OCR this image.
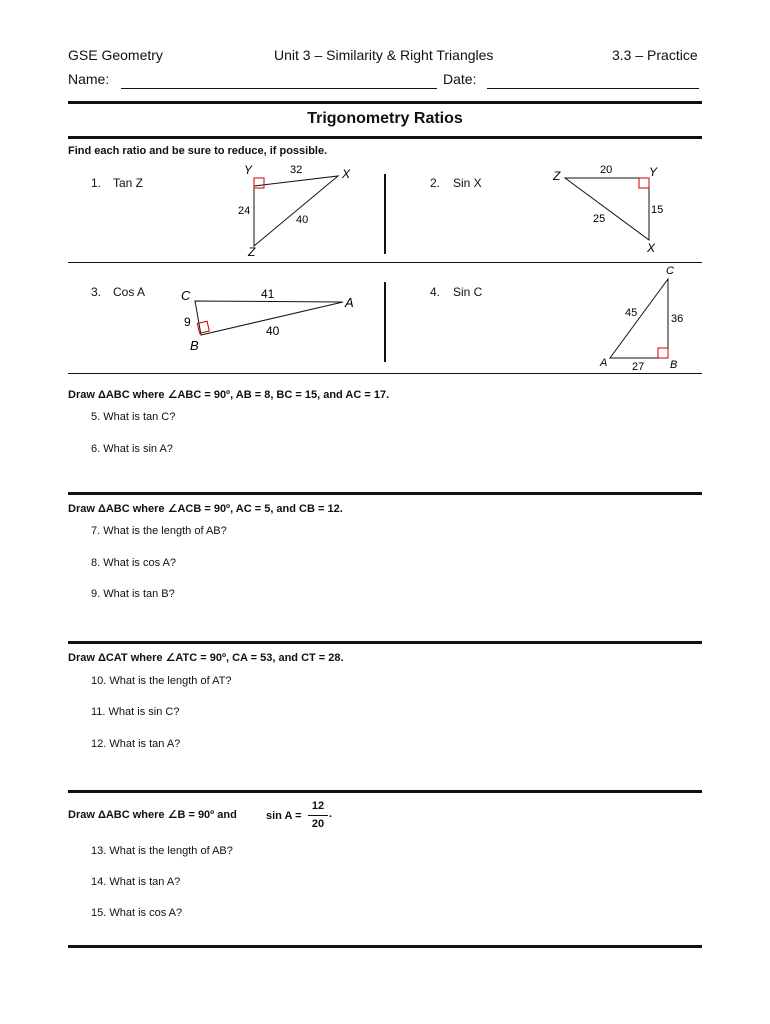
GSE Geometry	Unit 3 – Similarity & Right Triangles	3.3 – Practice
Name:	Date:
Trigonometry Ratios
Find each ratio and be sure to reduce, if possible.
1. Tan Z
Y	X
Z
32
24
40
2. Sin X	Z	Y
X
20
15
25
3. Cos A	C	A
B
41
9
40
4. Sin C
C
A	B
45	36
27
Draw ΔABC where ∠ABC = 90º, AB = 8, BC = 15, and AC = 17.
5. What is tan C?
6. What is sin A?
Draw ΔABC where ∠ACB = 90º, AC = 5, and CB = 12.
7. What is the length of AB?
8. What is cos A?
9. What is tan B?
Draw ΔCAT where ∠ATC = 90º, CA = 53, and CT = 28.
10. What is the length of AT?
11. What is sin C?
12. What is tan A?
Draw ΔABC where ∠B = 90º and	sin A =
12
20
.
13. What is the length of AB?
14. What is tan A?
15. What is cos A?
